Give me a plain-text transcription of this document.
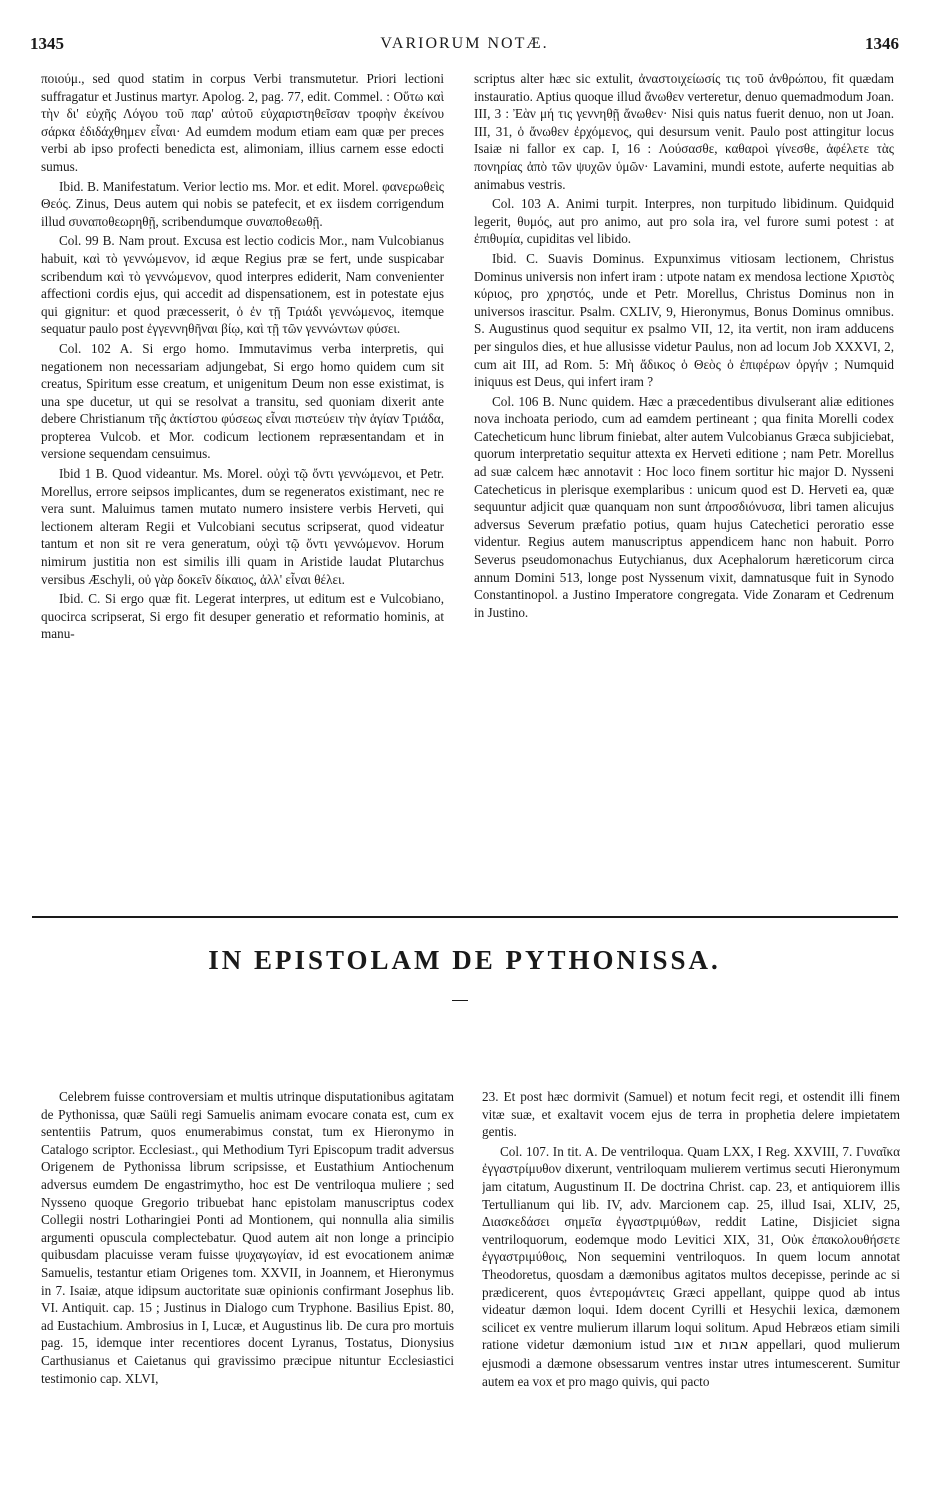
1345	VARIORUM NOTÆ.	1346

ποιούμ., sed quod statim in corpus Verbi transmutetur. Priori lectioni suffragatur et Justinus martyr. Apolog. 2, pag. 77, edit. Commel. : Οὕτω καὶ τὴν δι' εὐχῆς Λόγου τοῦ παρ' αὐτοῦ εὐχαριστηθεῖσαν τροφὴν ἐκείνου σάρκα ἐδιδάχθημεν εἶναι· Ad eumdem modum etiam eam quæ per preces verbi ab ipso profecti benedicta est, alimoniam, illius carnem esse edocti sumus.

Ibid. B. Manifestatum. Verior lectio ms. Mor. et edit. Morel. φανερωθεὶς Θεός. Zinus, Deus autem qui nobis se patefecit, et ex iisdem corrigendum illud συναποθεωρηθῇ, scribendumque συναποθεωθῇ.

Col. 99 B. Nam prout. Excusa est lectio codicis Mor., nam Vulcobianus habuit, καὶ τὸ γεννώμενον, id æque Regius præ se fert, unde suspicabar scribendum καὶ τὸ γεννώμενον, quod interpres ediderit, Nam convenienter affectioni cordis ejus, qui accedit ad dispensationem, est in potestate ejus qui gignitur: et quod præcesserit, ὁ ἐν τῇ Τριάδι γεννώμενος, itemque sequatur paulo post ἐγγεννηθῆναι βίῳ, καὶ τῇ τῶν γεννώντων φύσει.

Col. 102 A. Si ergo homo. Immutavimus verba interpretis, qui negationem non necessariam adjungebat, Si ergo homo quidem cum sit creatus, Spiritum esse creatum, et unigenitum Deum non esse existimat, is una spe ducetur, ut qui se resolvat a transitu, sed quoniam dixerit ante debere Christianum τῆς ἀκτίστου φύσεως εἶναι πιστεύειν τὴν ἁγίαν Τριάδα, propterea Vulcob. et Mor. codicum lectionem repræsentandam et in versione sequendam censuimus.

Ibid 1 B. Quod videantur. Ms. Morel. οὐχὶ τῷ ὄντι γεννώμενοι, et Petr. Morellus, errore seipsos implicantes, dum se regeneratos existimant, nec re vera sunt. Maluimus tamen mutato numero insistere verbis Herveti, qui lectionem alteram Regii et Vulcobiani secutus scripserat, quod videatur tantum et non sit re vera generatum, οὐχὶ τῷ ὄντι γεννώμενον. Horum nimirum justitia non est similis illi quam in Aristide laudat Plutarchus versibus Æschyli, οὐ γὰρ δοκεῖν δίκαιος, ἀλλ' εἶναι θέλει.

Ibid. C. Si ergo quæ fit. Legerat interpres, ut editum est e Vulcobiano, quocirca scripserat, Si ergo fit desuper generatio et reformatio hominis, at manu-

scriptus alter hæc sic extulit, ἀναστοιχείωσίς τις τοῦ ἀνθρώπου, fit quædam instauratio. Aptius quoque illud ἄνωθεν verteretur, denuo quemadmodum Joan. III, 3 : Ἐὰν μή τις γεννηθῇ ἄνωθεν· Nisi quis natus fuerit denuo, non ut Joan. III, 31, ὁ ἄνωθεν ἐρχόμενος, qui desursum venit. Paulo post attingitur locus Isaiæ ni fallor ex cap. I, 16 : Λούσασθε, καθαροὶ γίνεσθε, ἀφέλετε τὰς πονηρίας ἀπὸ τῶν ψυχῶν ὑμῶν· Lavamini, mundi estote, auferte nequitias ab animabus vestris.

Col. 103 A. Animi turpit. Interpres, non turpitudo libidinum. Quidquid legerit, θυμός, aut pro animo, aut pro sola ira, vel furore sumi potest : at ἐπιθυμία, cupiditas vel libido.

Ibid. C. Suavis Dominus. Expunximus vitiosam lectionem, Christus Dominus universis non infert iram : utpote natam ex mendosa lectione Χριστὸς κύριος, pro χρηστός, unde et Petr. Morellus, Christus Dominus non in universos irascitur. Psalm. CXLIV, 9, Hieronymus, Bonus Dominus omnibus. S. Augustinus quod sequitur ex psalmo VII, 12, ita vertit, non iram adducens per singulos dies, et hue allusisse videtur Paulus, non ad locum Job XXXVI, 2, cum ait III, ad Rom. 5: Μὴ ἄδικος ὁ Θεὸς ὁ ἐπιφέρων ὀργήν ; Numquid iniquus est Deus, qui infert iram ?

Col. 106 B. Nunc quidem. Hæc a præcedentibus divulserant aliæ editiones nova inchoata periodo, cum ad eamdem pertineant ; qua finita Morelli codex Catecheticum hunc librum finiebat, alter autem Vulcobianus Græca subjiciebat, quorum interpretatio sequitur attexta ex Herveti editione ; nam Petr. Morellus ad suæ calcem hæc annotavit : Hoc loco finem sortitur hic major D. Nysseni Catecheticus in plerisque exemplaribus : unicum quod est D. Herveti ea, quæ sequuntur adjicit quæ quanquam non sunt ἀπροσδιόνυσα, libri tamen alicujus adversus Severum præfatio potius, quam hujus Catechetici peroratio esse videntur. Regius autem manuscriptus appendicem hanc non habuit. Porro Severus pseudomonachus Eutychianus, dux Acephalorum hæreticorum circa annum Domini 513, longe post Nyssenum vixit, damnatusque fuit in Synodo Constantinopol. a Justino Imperatore congregata. Vide Zonaram et Cedrenum in Justino.

IN EPISTOLAM DE PYTHONISSA.

Celebrem fuisse controversiam et multis utrinque disputationibus agitatam de Pythonissa, quæ Saüli regi Samuelis animam evocare conata est, cum ex sententiis Patrum, quos enumerabimus constat, tum ex Hieronymo in Catalogo scriptor. Ecclesiast., qui Methodium Tyri Episcopum tradit adversus Origenem de Pythonissa librum scripsisse, et Eustathium Antiochenum adversus eumdem De engastrimytho, hoc est De ventriloqua muliere ; sed Nysseno quoque Gregorio tribuebat hanc epistolam manuscriptus codex Collegii nostri Lotharingiei Ponti ad Montionem, qui nonnulla alia similis argumenti opuscula complectebatur. Quod autem ait non longe a principio quibusdam placuisse veram fuisse ψυχαγωγίαν, id est evocationem animæ Samuelis, testantur etiam Origenes tom. XXVII, in Joannem, et Hieronymus in 7. Isaiæ, atque idipsum auctoritate suæ opinionis confirmant Josephus lib. VI. Antiquit. cap. 15 ; Justinus in Dialogo cum Tryphone. Basilius Epist. 80, ad Eustachium. Ambrosius in I, Lucæ, et Augustinus lib. De cura pro mortuis pag. 15, idemque inter recentiores docent Lyranus, Tostatus, Dionysius Carthusianus et Caietanus qui gravissimo præcipue nituntur Ecclesiastici testimonio cap. XLVI,

23. Et post hæc dormivit (Samuel) et notum fecit regi, et ostendit illi finem vitæ suæ, et exaltavit vocem ejus de terra in prophetia delere impietatem gentis.

Col. 107. In tit. A. De ventriloqua. Quam LXX, I Reg. XXVIII, 7. Γυναῖκα ἐγγαστρίμυθον dixerunt, ventriloquam mulierem vertimus secuti Hieronymum jam citatum, Augustinum II. De doctrina Christ. cap. 23, et antiquiorem illis Tertullianum qui lib. IV, adv. Marcionem cap. 25, illud Isai, XLIV, 25, Διασκεδάσει σημεῖα ἐγγαστριμύθων, reddit Latine, Disjiciet signa ventriloquorum, eodemque modo Levitici XIX, 31, Οὐκ ἐπακολουθήσετε ἐγγαστριμύθοις, Non sequemini ventriloquos. In quem locum annotat Theodoretus, quosdam a dæmonibus agitatos multos decepisse, perinde ac si prædicerent, quos ἐντερομάντεις Græci appellant, quippe quod ab intus videatur dæmon loqui. Idem docent Cyrilli et Hesychii lexica, dæmonem scilicet ex ventre mulierum illarum loqui solitum. Apud Hebræos etiam simili ratione videtur dæmonium istud אוב et אבות appellari, quod mulierum ejusmodi a dæmone obsessarum ventres instar utres intumescerent. Sumitur autem ea vox et pro mago quivis, qui pacto
